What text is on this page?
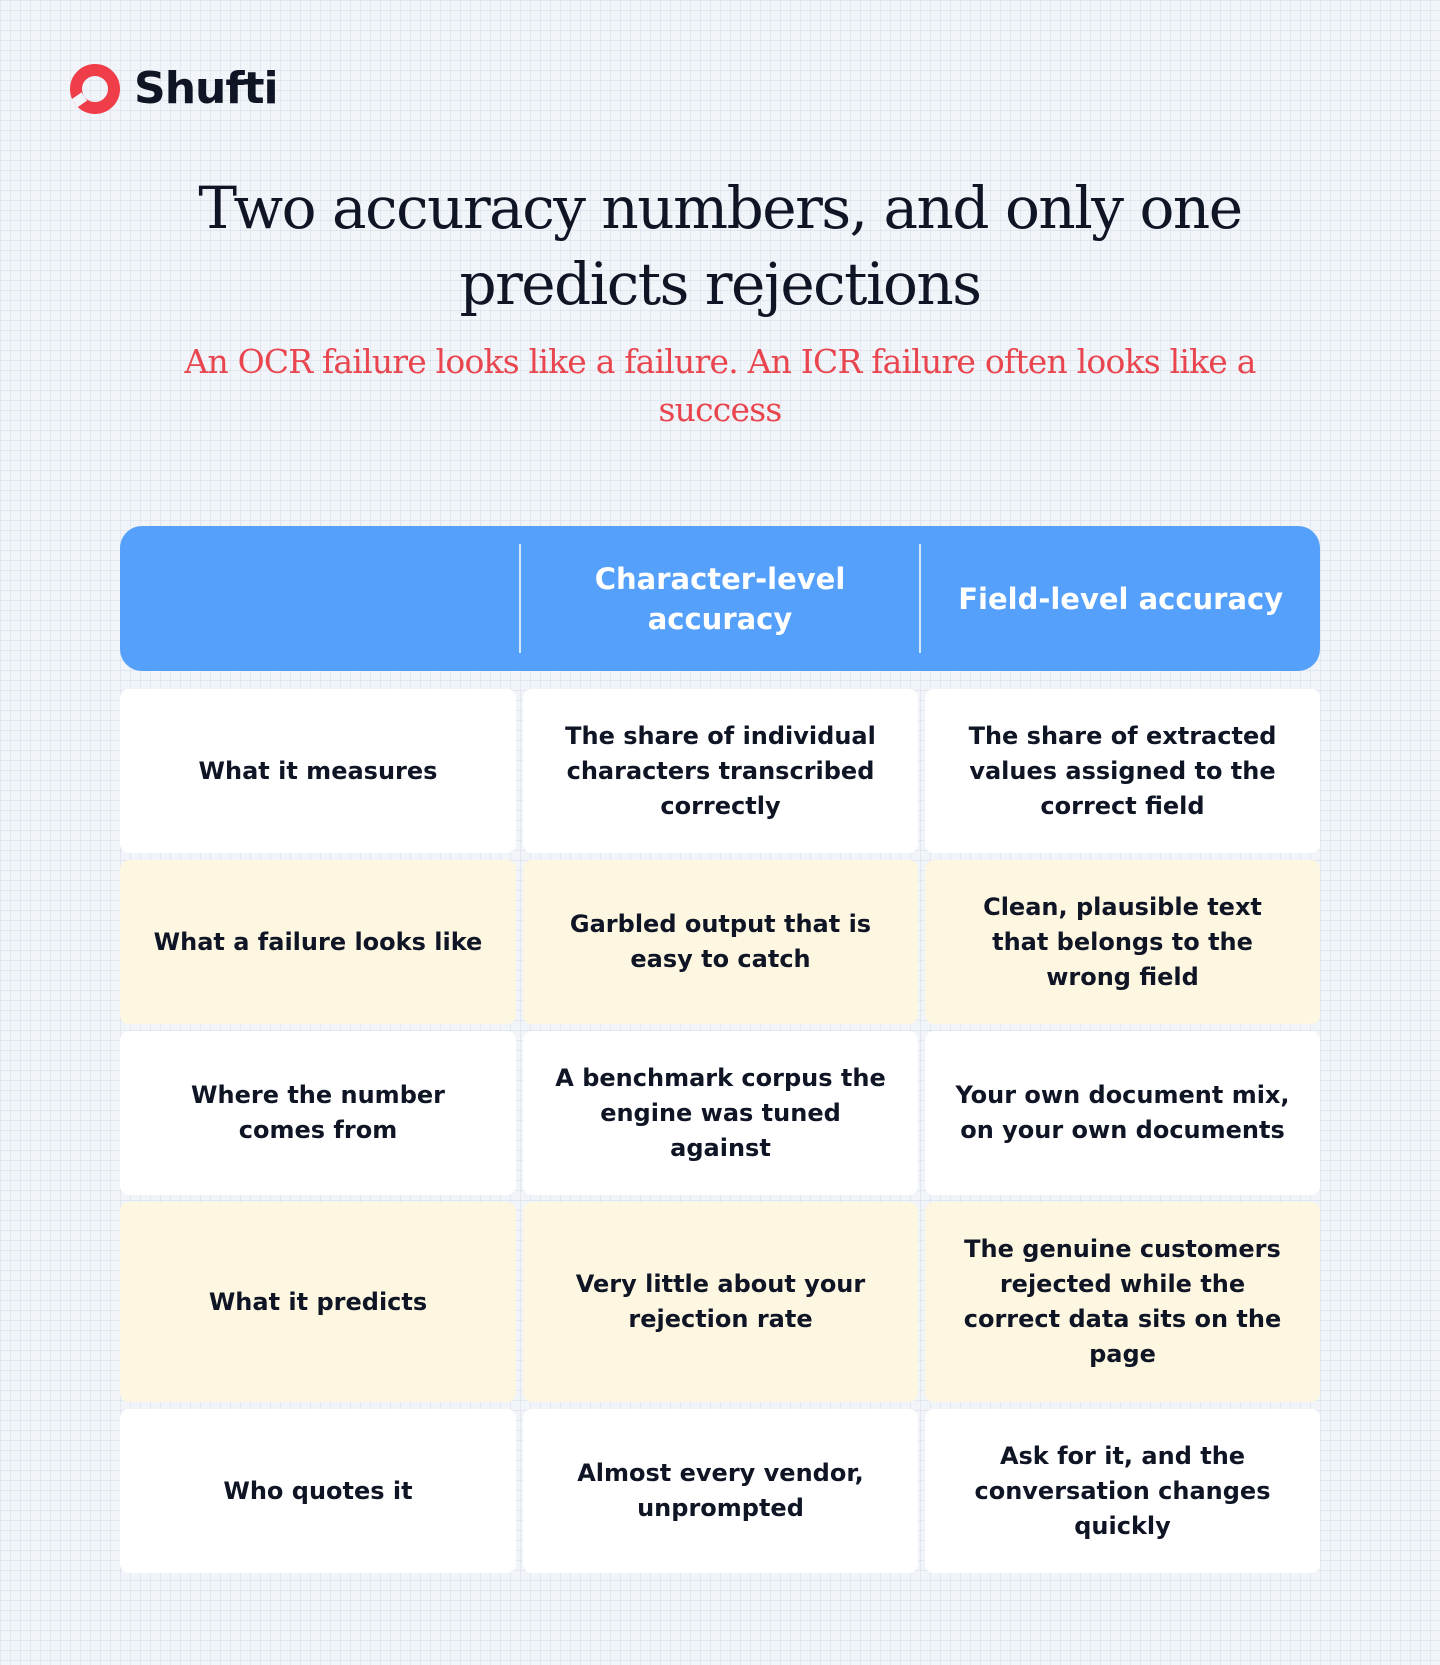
Shufti
Two accuracy numbers, and only one predicts rejections

An OCR failure looks like a failure. An ICR failure often looks like a success

Character-level accuracy
Field-level accuracy
What it measures
The share of individual characters transcribed correctly
The share of extracted values assigned to the correct field
What a failure looks like
Garbled output that is easy to catch
Clean, plausible text that belongs to the wrong field
Where the number comes from
A benchmark corpus the engine was tuned against
Your own document mix, on your own documents
What it predicts
Very little about your rejection rate
The genuine customers rejected while the correct data sits on the page
Who quotes it
Almost every vendor, unprompted
Ask for it, and the conversation changes quickly
